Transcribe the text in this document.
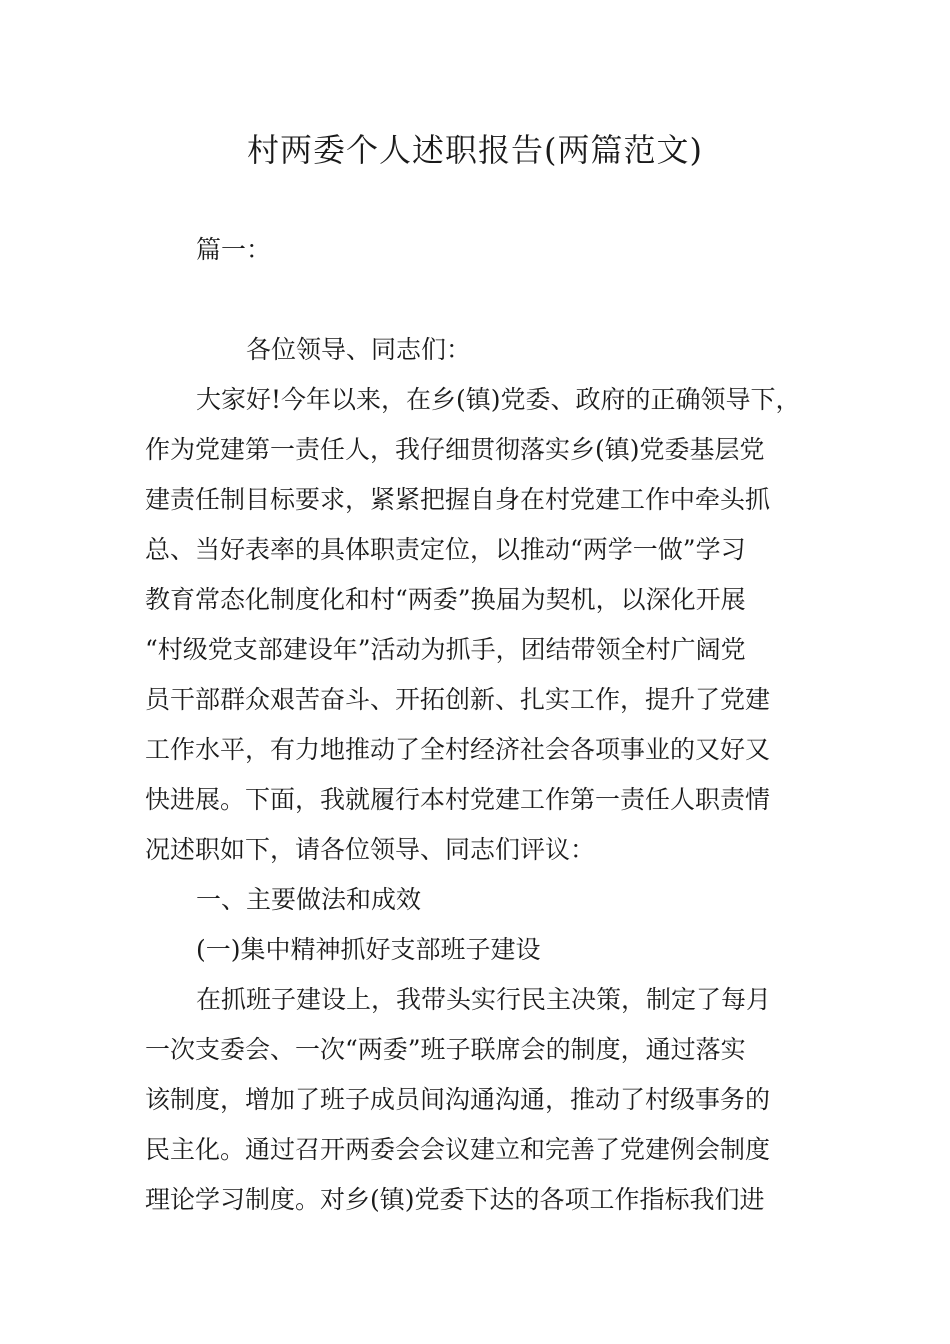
村两委个人述职报告(两篇范文)
篇一：
各位领导、同志们：
大家好!今年以来，在乡(镇)党委、政府的正确领导下，
作为党建第一责任人，我仔细贯彻落实乡(镇)党委基层党
建责任制目标要求，紧紧把握自身在村党建工作中牵头抓
总、当好表率的具体职责定位，以推动“两学一做”学习
教育常态化制度化和村“两委”换届为契机，以深化开展
“村级党支部建设年”活动为抓手，团结带领全村广阔党
员干部群众艰苦奋斗、开拓创新、扎实工作，提升了党建
工作水平，有力地推动了全村经济社会各项事业的又好又
快进展。下面，我就履行本村党建工作第一责任人职责情
况述职如下，请各位领导、同志们评议：
一、主要做法和成效
(一)集中精神抓好支部班子建设
在抓班子建设上，我带头实行民主决策，制定了每月
一次支委会、一次“两委”班子联席会的制度，通过落实
该制度，增加了班子成员间沟通沟通，推动了村级事务的
民主化。通过召开两委会会议建立和完善了党建例会制度
理论学习制度。对乡(镇)党委下达的各项工作指标我们进
